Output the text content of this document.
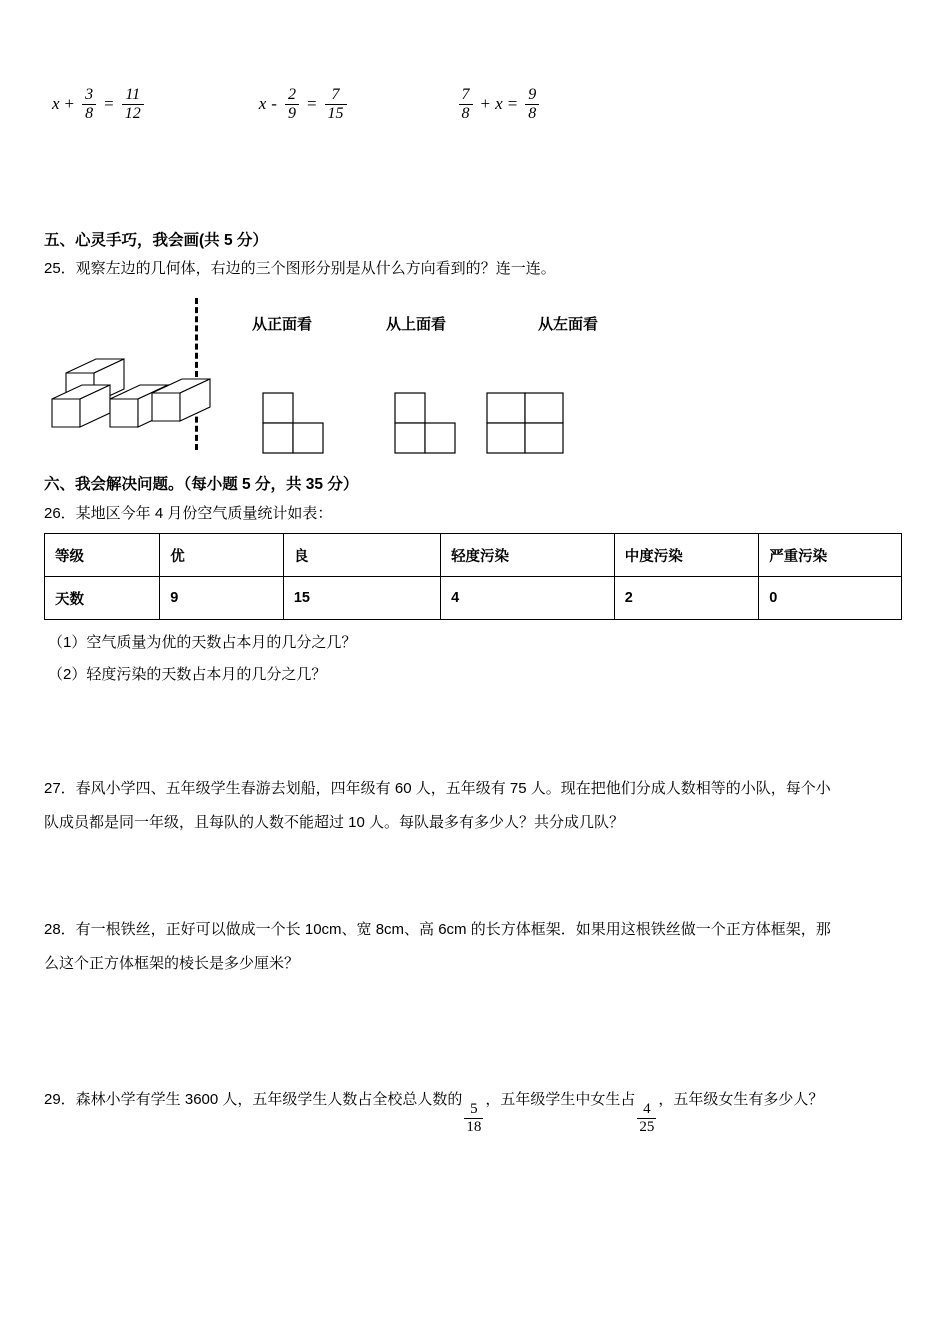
$x + \frac{3}{8} = \frac{11}{12}$	$x - \frac{2}{9} = \frac{7}{15}$	$\frac{7}{8} + x = \frac{9}{8}$
五、心灵手巧，我会画(共 5 分）
25．观察左边的几何体，右边的三个图形分别是从什么方向看到的？连一连。
从正面看	从上面看	从左面看
六、我会解决问题。（每小题 5 分，共 35 分）
26．某地区今年 4 月份空气质量统计如表：
等级	优	良	轻度污染	中度污染	严重污染
天数	9	15	4	2	0
（1）空气质量为优的天数占本月的几分之几？
（2）轻度污染的天数占本月的几分之几？
27．春风小学四、五年级学生春游去划船，四年级有 60 人，五年级有 75 人。现在把他们分成人数相等的小队，每个小
队成员都是同一年级，且每队的人数不能超过 10 人。每队最多有多少人？共分成几队？
28．有一根铁丝，正好可以做成一个长 10cm、宽 8cm、高 6cm 的长方体框架．如果用这根铁丝做一个正方体框架，那
么这个正方体框架的棱长是多少厘米？
29．森林小学有学生 3600 人，五年级学生人数占全校总人数的
$\frac{5}{18}$
，五年级学生中女生占
$\frac{4}{25}$
，五年级女生有多少人？
